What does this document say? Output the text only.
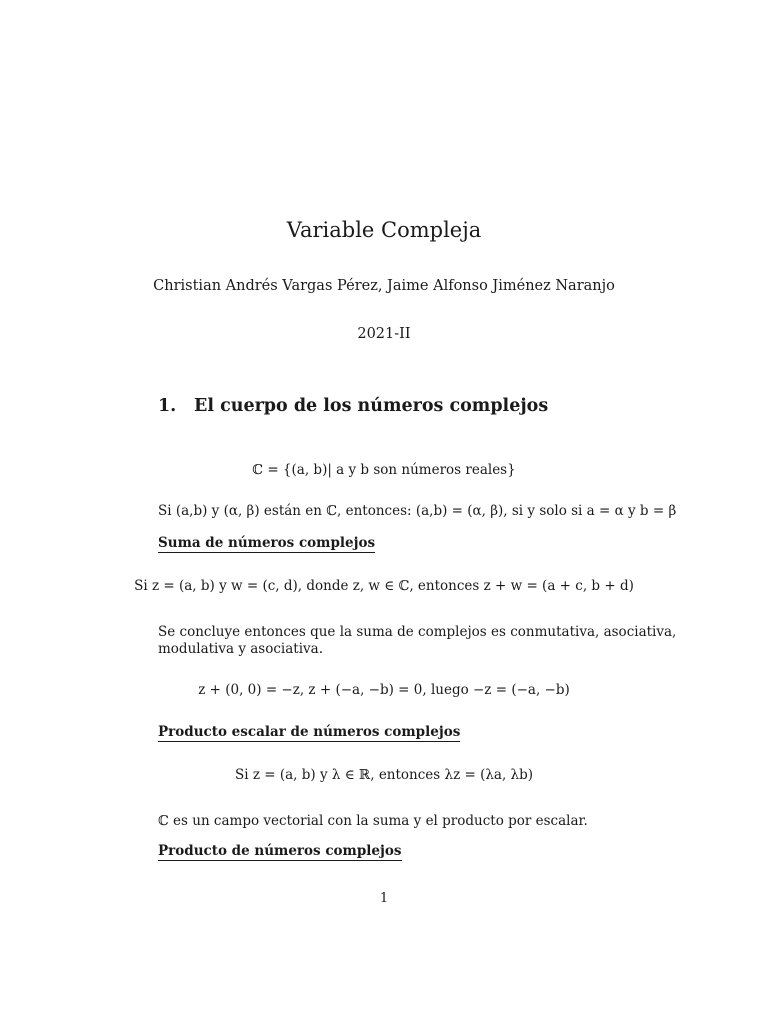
Variable Compleja
Christian Andrés Vargas Pérez, Jaime Alfonso Jiménez Naranjo
2021-II
1. El cuerpo de los números complejos
ℂ = {(a, b)| a y b son números reales}
Si (a,b) y (α, β) están en ℂ, entonces: (a,b) = (α, β), si y solo si a = α y b = β
Suma de números complejos
Si z = (a, b) y w = (c, d), donde z, w ∈ ℂ, entonces z + w = (a + c, b + d)
Se concluye entonces que la suma de complejos es conmutativa, asociativa,
modulativa y asociativa.
z + (0, 0) = −z, z + (−a, −b) = 0, luego −z = (−a, −b)
Producto escalar de números complejos
Si z = (a, b) y λ ∈ ℝ, entonces λz = (λa, λb)
ℂ es un campo vectorial con la suma y el producto por escalar.
Producto de números complejos
1
